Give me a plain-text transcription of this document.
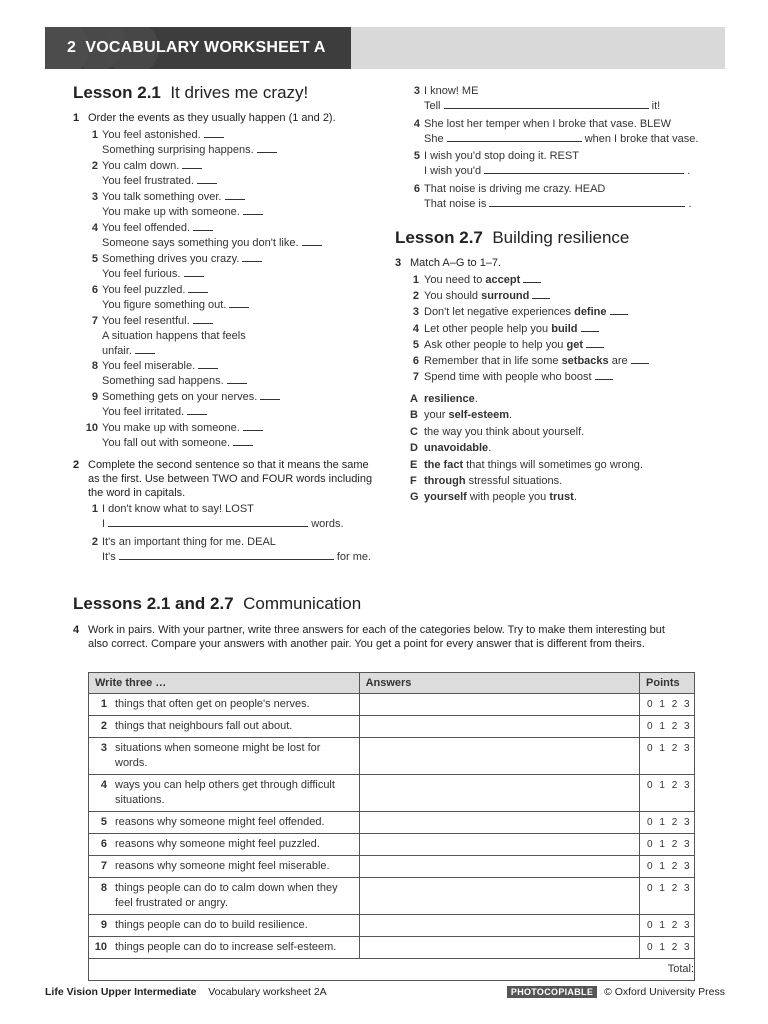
2 VOCABULARY WORKSHEET A
Lesson 2.1 It drives me crazy!
1 Order the events as they usually happen (1 and 2).
1 You feel astonished.
Something surprising happens.
2 You calm down.
You feel frustrated.
3 You talk something over.
You make up with someone.
4 You feel offended.
Someone says something you don't like.
5 Something drives you crazy.
You feel furious.
6 You feel puzzled.
You figure something out.
7 You feel resentful.
A situation happens that feels
unfair.
8 You feel miserable.
Something sad happens.
9 Something gets on your nerves.
You feel irritated.
10 You make up with someone.
You fall out with someone.
2 Complete the second sentence so that it means the same as the first. Use between TWO and FOUR words including the word in capitals.
1 I don't know what to say! LOST
I	words.
2 It's an important thing for me. DEAL
It's	for me.
3 I know! ME
Tell	it!
4 She lost her temper when I broke that vase. BLEW
She	when I broke that vase.
5 I wish you'd stop doing it. REST
I wish you'd	.
6 That noise is driving me crazy. HEAD
That noise is	.
Lesson 2.7 Building resilience
3 Match A–G to 1–7.
1 You need to accept
2 You should surround
3 Don't let negative experiences define
4 Let other people help you build
5 Ask other people to help you get
6 Remember that in life some setbacks are
7 Spend time with people who boost
A resilience.
B your self-esteem.
C the way you think about yourself.
D unavoidable.
E the fact that things will sometimes go wrong.
F through stressful situations.
G yourself with people you trust.
Lessons 2.1 and 2.7 Communication
4 Work in pairs. With your partner, write three answers for each of the categories below. Try to make them interesting but also correct. Compare your answers with another pair. You get a point for every answer that is different from theirs.
Write three …	Answers	Points

1 things that often get on people's nerves.		0 1 2 3

2 things that neighbours fall out about.		0 1 2 3

3 situations when someone might be lost for words.		0 1 2 3

4 ways you can help others get through difficult situations.		0 1 2 3

5 reasons why someone might feel offended.		0 1 2 3

6 reasons why someone might feel puzzled.		0 1 2 3

7 reasons why someone might feel miserable.		0 1 2 3

8 things people can do to calm down when they feel frustrated or angry.		0 1 2 3

9 things people can do to build resilience.		0 1 2 3

10 things people can do to increase self-esteem.		0 1 2 3

Total:		
Life Vision Upper Intermediate Vocabulary worksheet 2A	PHOTOCOPIABLE © Oxford University Press
